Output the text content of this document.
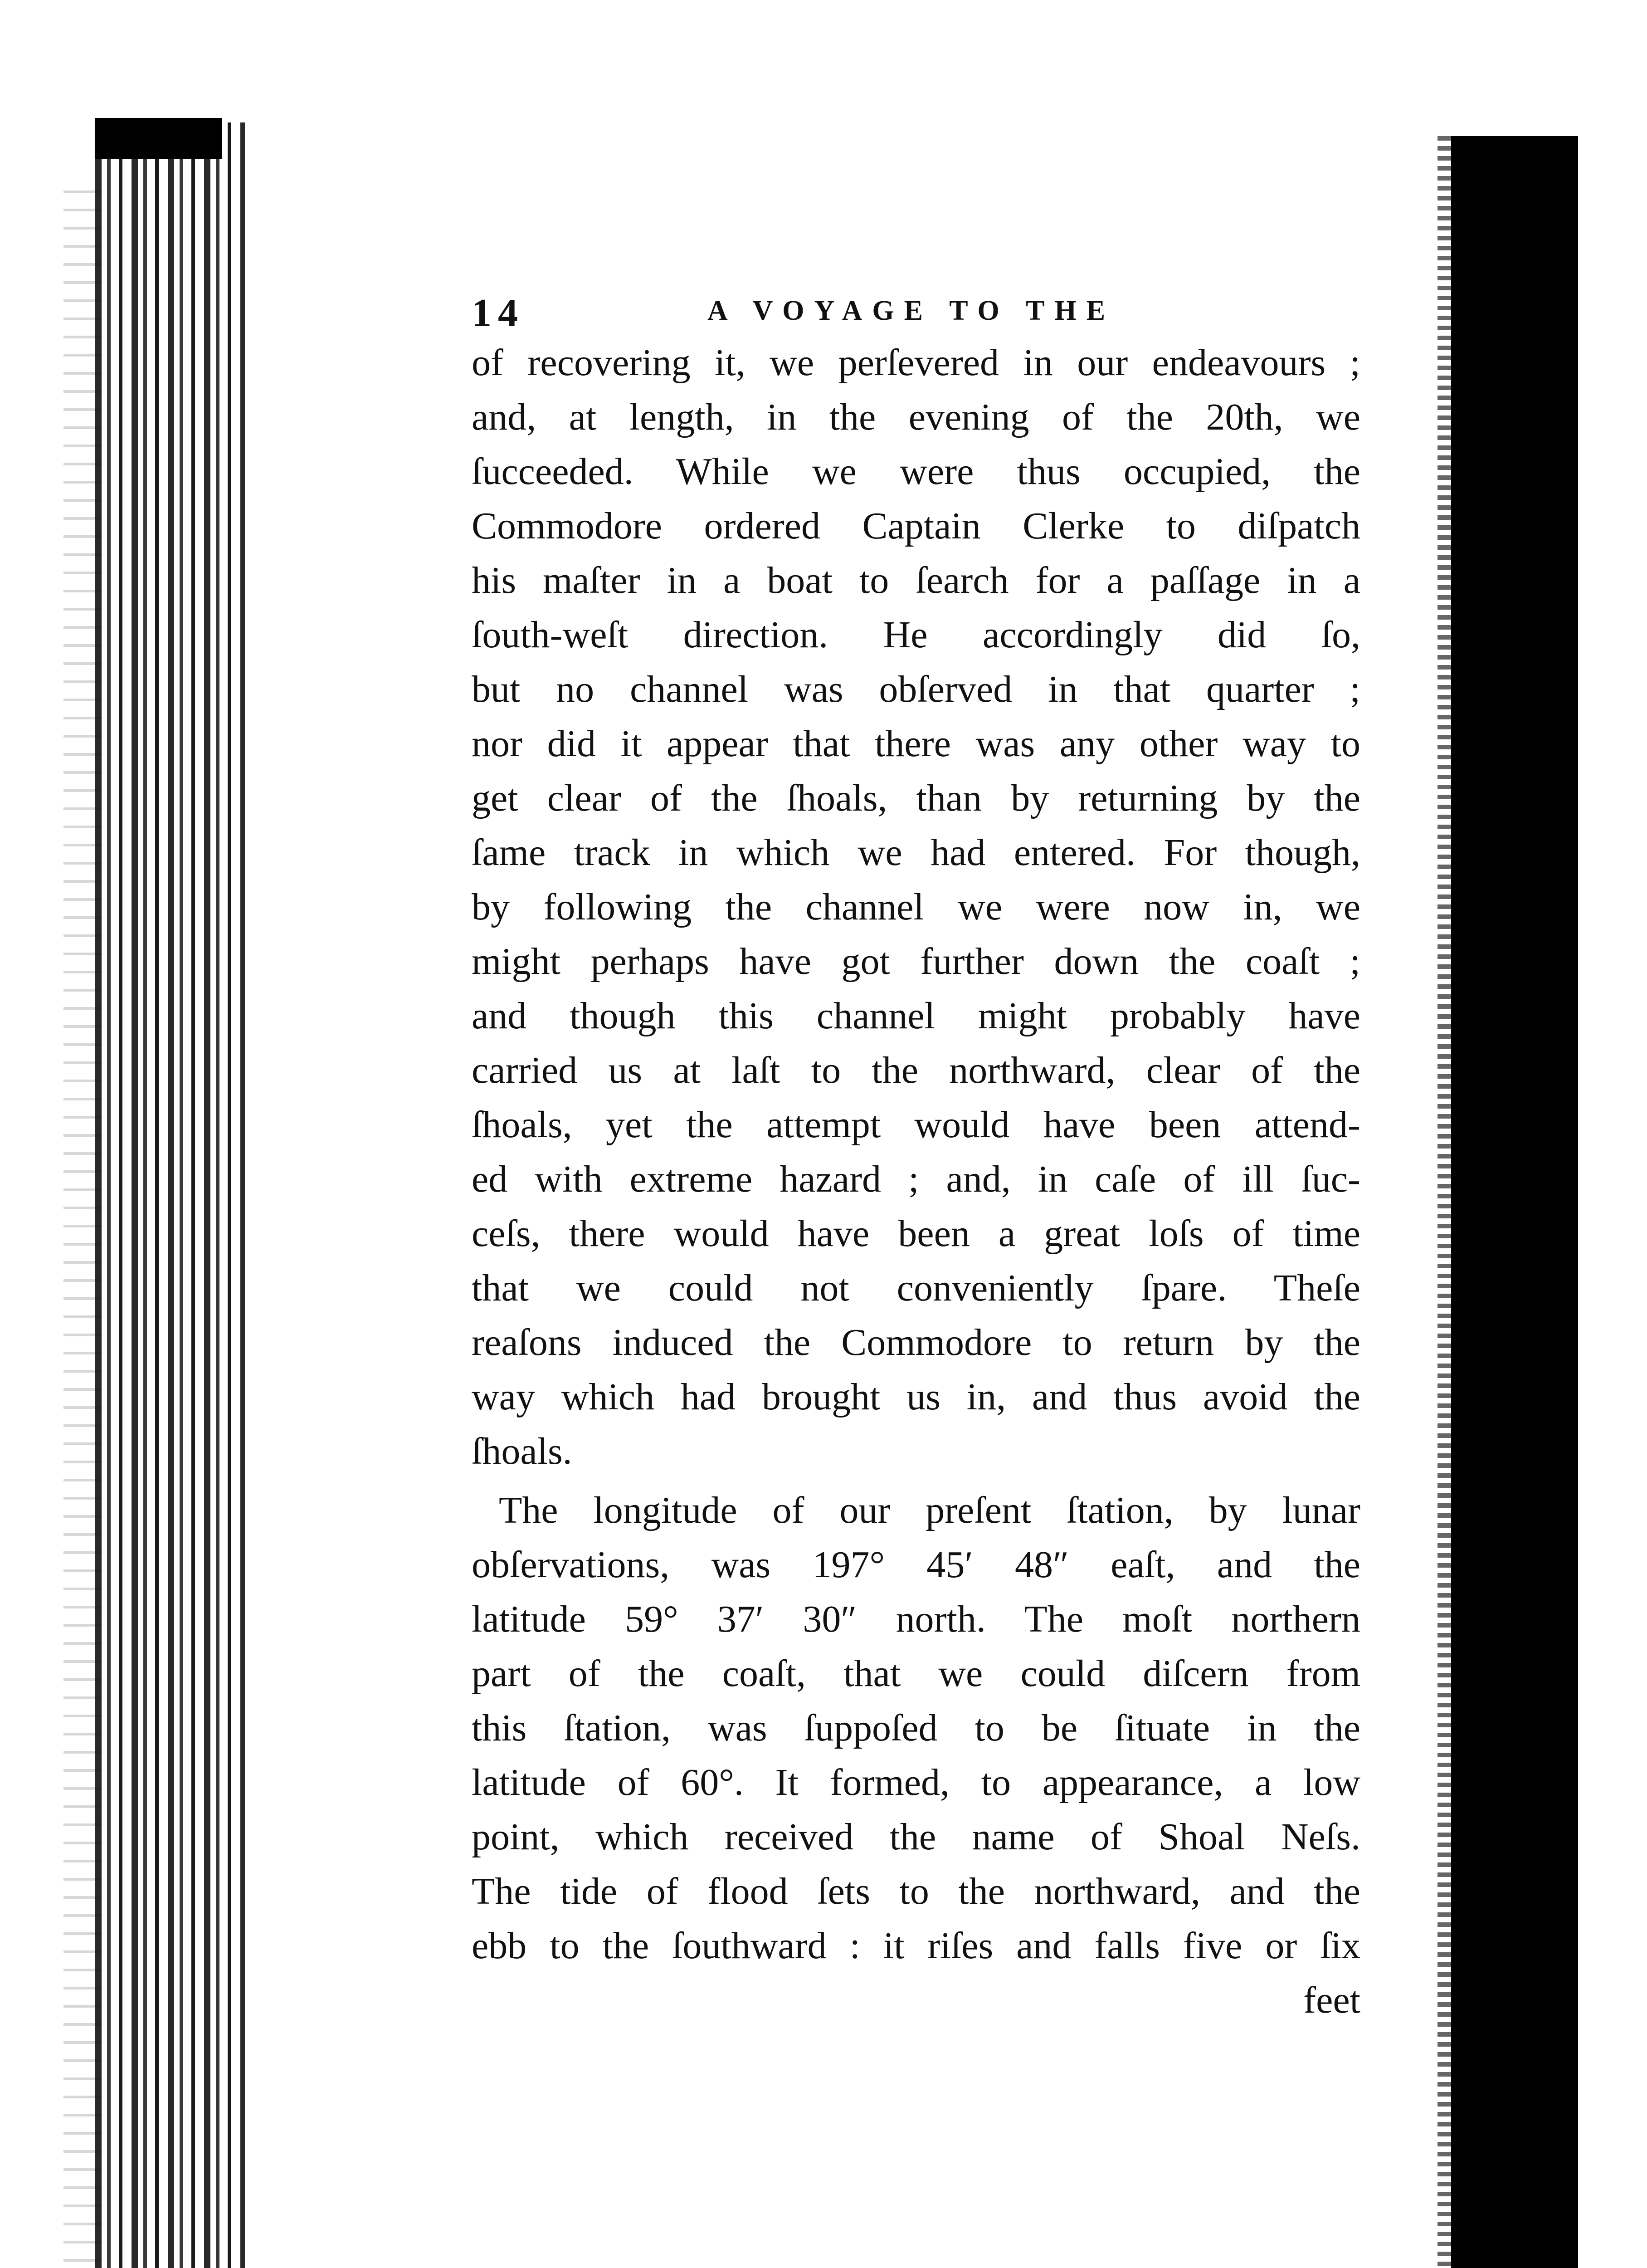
14	A VOYAGE TO THE
of recovering it, we perſevered in our endeavours ;
and, at length, in the evening of the 20th, we
ſucceeded. While we were thus occupied, the
Commodore ordered Captain Clerke to diſpatch
his maſter in a boat to ſearch for a paſſage in a
ſouth-weſt direction. He accordingly did ſo,
but no channel was obſerved in that quarter ;
nor did it appear that there was any other way to
get clear of the ſhoals, than by returning by the
ſame track in which we had entered. For though,
by following the channel we were now in, we
might perhaps have got further down the coaſt ;
and though this channel might probably have
carried us at laſt to the northward, clear of the
ſhoals, yet the attempt would have been attend-
ed with extreme hazard ; and, in caſe of ill ſuc-
ceſs, there would have been a great loſs of time
that we could not conveniently ſpare. Theſe
reaſons induced the Commodore to return by the
way which had brought us in, and thus avoid the
ſhoals.
The longitude of our preſent ſtation, by lunar
obſervations, was 197° 45′ 48″ eaſt, and the
latitude 59° 37′ 30″ north. The moſt northern
part of the coaſt, that we could diſcern from
this ſtation, was ſuppoſed to be ſituate in the
latitude of 60°. It formed, to appearance, a low
point, which received the name of Shoal Neſs.
The tide of flood ſets to the northward, and the
ebb to the ſouthward : it riſes and falls five or ſix
feet
